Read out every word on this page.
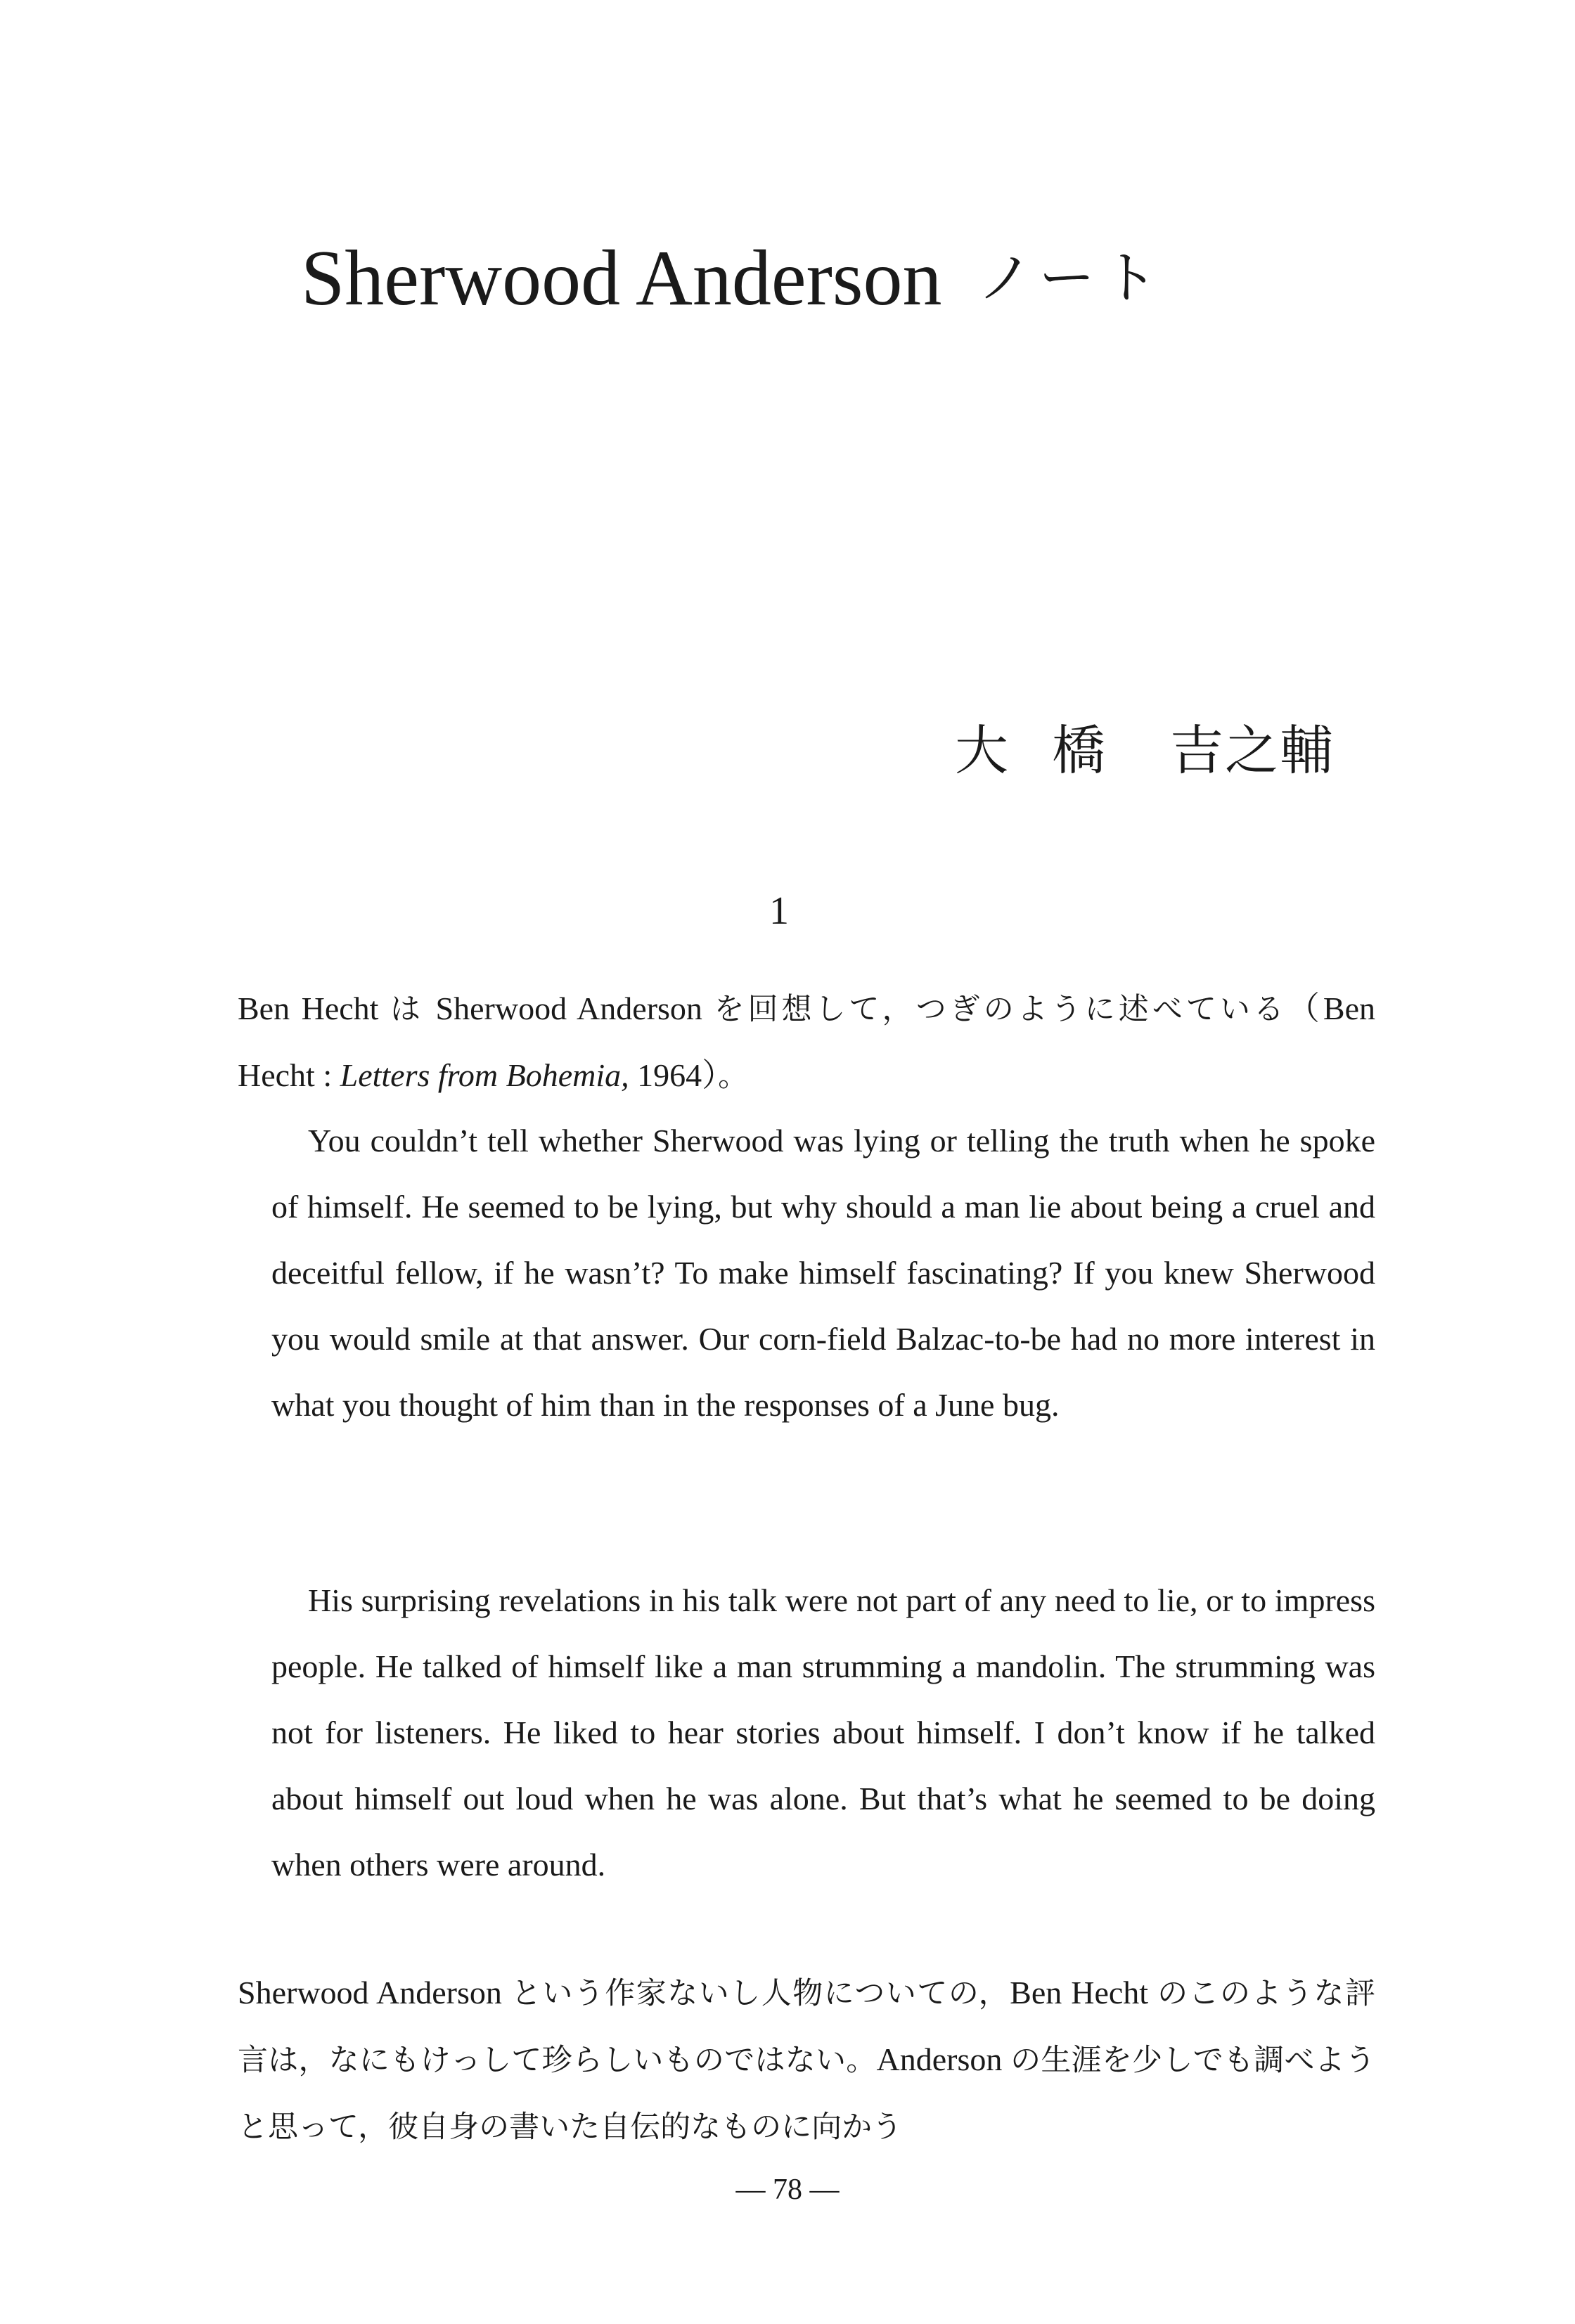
Sherwood Anderson ノート
大 橋 吉之輔
1

Ben Hecht は Sherwood Anderson を回想して，つぎのように述べている（Ben Hecht : Letters from Bohemia, 1964）。

You couldn’t tell whether Sherwood was lying or telling the truth when he spoke of himself. He seemed to be lying, but why should a man lie about being a cruel and deceitful fellow, if he wasn’t? To make himself fascinating? If you knew Sherwood you would smile at that answer. Our corn-field Balzac-to-be had no more interest in what you thought of him than in the responses of a June bug.

His surprising revelations in his talk were not part of any need to lie, or to impress people. He talked of himself like a man strumming a mandolin. The strumming was not for listeners. He liked to hear stories about himself. I don’t know if he talked about himself out loud when he was alone. But that’s what he seemed to be doing when others were around.

Sherwood Anderson という作家ないし人物についての，Ben Hecht のこのような評言は，なにもけっして珍らしいものではない。Anderson の生涯を少しでも調べようと思って，彼自身の書いた自伝的なものに向かう

— 78 —
